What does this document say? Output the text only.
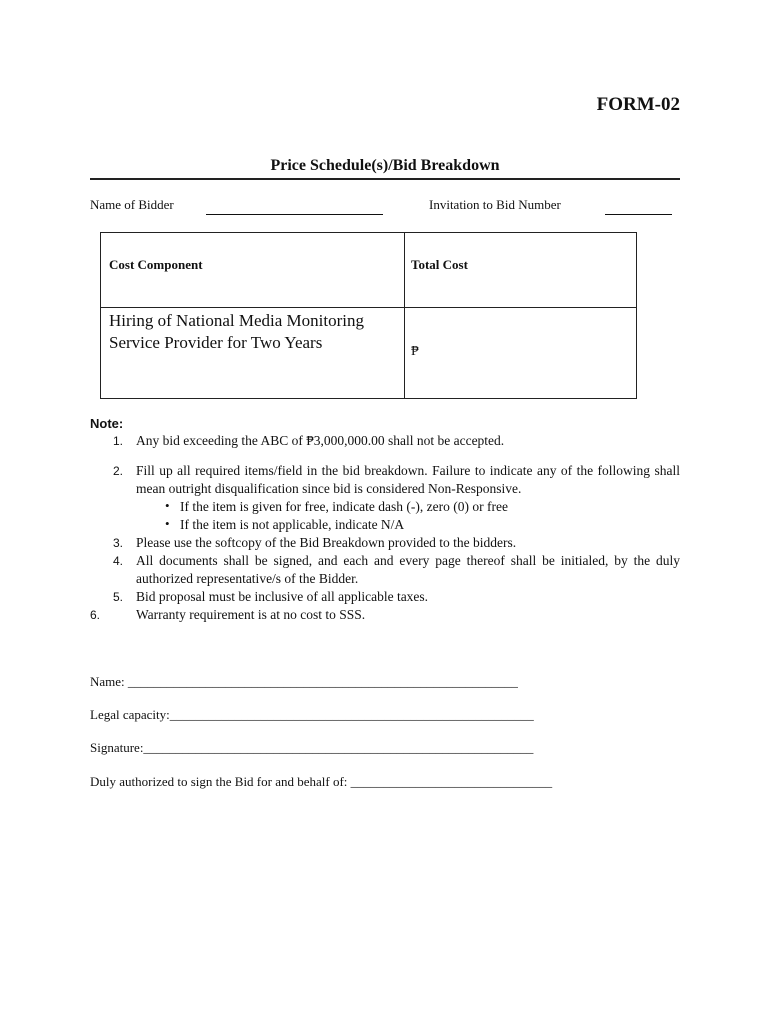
FORM-02
Price Schedule(s)/Bid Breakdown
Name of Bidder	Invitation to Bid Number
Cost Component	Total Cost

Hiring of National Media Monitoring Service Provider for Two Years	₱
Note:
1. Any bid exceeding the ABC of ₱3,000,000.00 shall not be accepted.
2. Fill up all required items/field in the bid breakdown. Failure to indicate any of the following shall mean outright disqualification since bid is considered Non-Responsive.
• If the item is given for free, indicate dash (-), zero (0) or free
• If the item is not applicable, indicate N/A
3. Please use the softcopy of the Bid Breakdown provided to the bidders.
4. All documents shall be signed, and each and every page thereof shall be initialed, by the duly authorized representative/s of the Bidder.
5. Bid proposal must be inclusive of all applicable taxes.
6.	Warranty requirement is at no cost to SSS.
Name: ____________________________________________________________
Legal capacity:________________________________________________________
Signature:____________________________________________________________
Duly authorized to sign the Bid for and behalf of: _______________________________
